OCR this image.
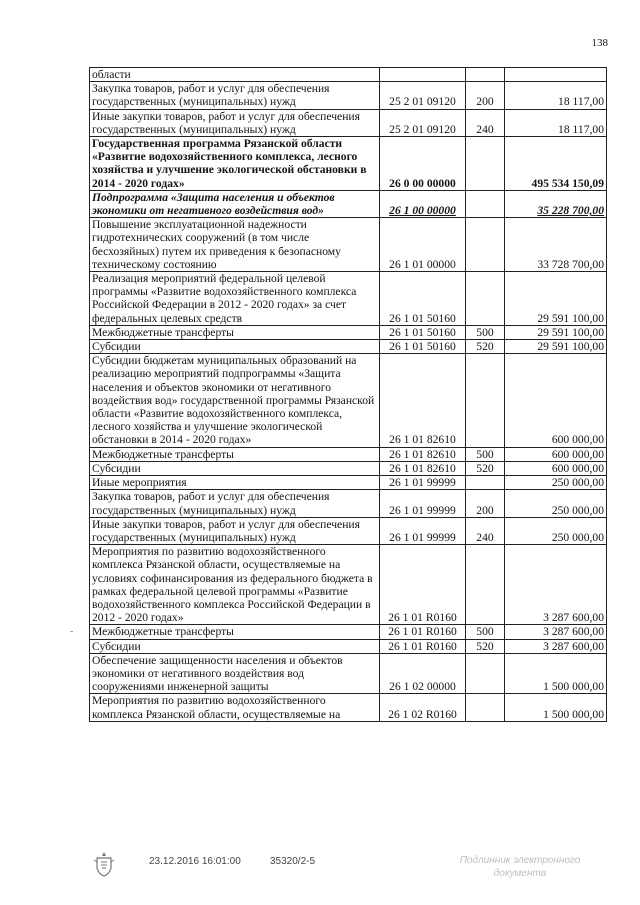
138
области			
Закупка товаров, работ и услуг для обеспечения государственных (муниципальных) нужд	25 2 01 09120	200	18 117,00
Иные закупки товаров, работ и услуг для обеспечения государственных (муниципальных) нужд	25 2 01 09120	240	18 117,00
Государственная программа Рязанской области «Развитие водохозяйственного комплекса, лесного хозяйства и улучшение экологической обстановки в 2014 - 2020 годах»	26 0 00 00000		495 534 150,09
Подпрограмма «Защита населения и объектов экономики от негативного воздействия вод»	26 1 00 00000		35 228 700,00
Повышение эксплуатационной надежности гидротехнических сооружений (в том числе бесхозяйных) путем их приведения к безопасному техническому состоянию	26 1 01 00000		33 728 700,00
Реализация мероприятий федеральной целевой программы «Развитие водохозяйственного комплекса Российской Федерации в 2012 - 2020 годах» за счет федеральных целевых средств	26 1 01 50160		29 591 100,00
Межбюджетные трансферты	26 1 01 50160	500	29 591 100,00
Субсидии	26 1 01 50160	520	29 591 100,00
Субсидии бюджетам муниципальных образований на реализацию мероприятий подпрограммы «Защита населения и объектов экономики от негативного воздействия вод» государственной программы Рязанской области «Развитие водохозяйственного комплекса, лесного хозяйства и улучшение экологической обстановки в 2014 - 2020 годах»	26 1 01 82610		600 000,00
Межбюджетные трансферты	26 1 01 82610	500	600 000,00
Субсидии	26 1 01 82610	520	600 000,00
Иные мероприятия	26 1 01 99999		250 000,00
Закупка товаров, работ и услуг для обеспечения государственных (муниципальных) нужд	26 1 01 99999	200	250 000,00
Иные закупки товаров, работ и услуг для обеспечения государственных (муниципальных) нужд	26 1 01 99999	240	250 000,00
Мероприятия по развитию водохозяйственного комплекса Рязанской области, осуществляемые на условиях софинансирования из федерального бюджета в рамках федеральной целевой программы «Развитие водохозяйственного комплекса Российской Федерации в 2012 - 2020 годах»	26 1 01 R0160		3 287 600,00
Межбюджетные трансферты	26 1 01 R0160	500	3 287 600,00
Субсидии	26 1 01 R0160	520	3 287 600,00
Обеспечение защищенности населения и объектов экономики от негативного воздействия вод сооружениями инженерной защиты	26 1 02 00000		1 500 000,00
Мероприятия по развитию водохозяйственного комплекса Рязанской области, осуществляемые на	26 1 02 R0160		1 500 000,00
-
23.12.2016 16:01:00	35320/2-5	Подлинник электронного документа
